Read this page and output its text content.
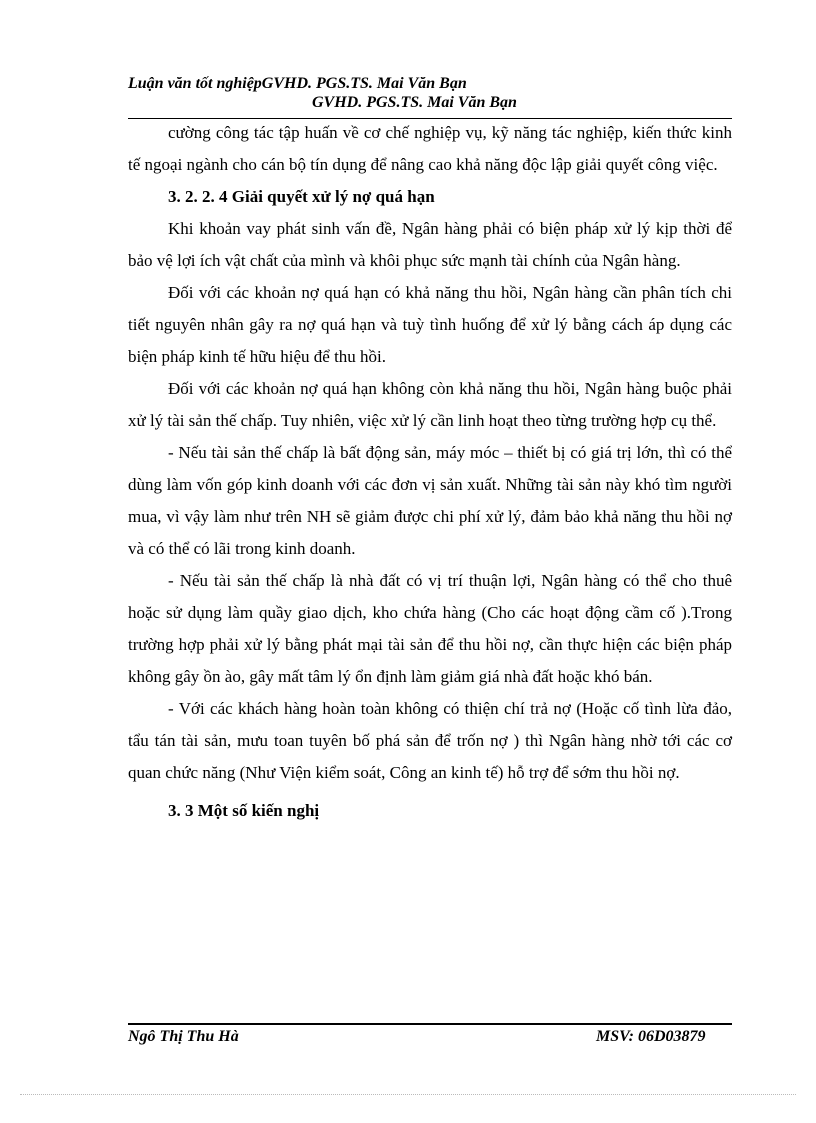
Luận văn tốt nghiệpGVHD. PGS.TS. Mai Văn Bạn
GVHD. PGS.TS. Mai Văn Bạn

cường công tác tập huấn về cơ chế nghiệp vụ, kỹ năng tác nghiệp, kiến thức kinh tế ngoại ngành cho cán bộ tín dụng để nâng cao khả năng độc lập giải quyết công việc.

3. 2. 2. 4 Giải quyết xử lý nợ quá hạn

Khi khoản vay phát sinh vấn đề, Ngân hàng phải có biện pháp xử lý kịp thời để bảo vệ lợi ích vật chất của mình và khôi phục sức mạnh tài chính của Ngân hàng.

Đối với các khoản nợ quá hạn có khả năng thu hồi, Ngân hàng cần phân tích chi tiết nguyên nhân gây ra nợ quá hạn và tuỳ tình huống để xử lý bằng cách áp dụng các biện pháp kinh tế hữu hiệu để thu hồi.

Đối với các khoản nợ quá hạn không còn khả năng thu hồi, Ngân hàng buộc phải xử lý tài sản thế chấp. Tuy nhiên, việc xử lý cần linh hoạt theo từng trường hợp cụ thể.

- Nếu tài sản thế chấp là bất động sản, máy móc – thiết bị có giá trị lớn, thì có thể dùng làm vốn góp kinh doanh với các đơn vị sản xuất. Những tài sản này khó tìm người mua, vì vậy làm như trên NH sẽ giảm được chi phí xử lý, đảm bảo khả năng thu hồi nợ và có thể có lãi trong kinh doanh.

- Nếu tài sản thế chấp là nhà đất có vị trí thuận lợi, Ngân hàng có thể cho thuê hoặc sử dụng làm quầy giao dịch, kho chứa hàng (Cho các hoạt động cầm cố ).Trong trường hợp phải xử lý bằng phát mại tài sản để thu hồi nợ, cần thực hiện các biện pháp không gây ồn ào, gây mất tâm lý ổn định làm giảm giá nhà đất hoặc khó bán.

- Với các khách hàng hoàn toàn không có thiện chí trả nợ (Hoặc cố tình lừa đảo, tẩu tán tài sản, mưu toan tuyên bố phá sản để trốn nợ ) thì Ngân hàng nhờ tới các cơ quan chức năng (Như Viện kiểm soát, Công an kinh tế) hỗ trợ để sớm thu hồi nợ.

3. 3 Một số kiến nghị
Ngô Thị Thu Hà	MSV: 06D03879
